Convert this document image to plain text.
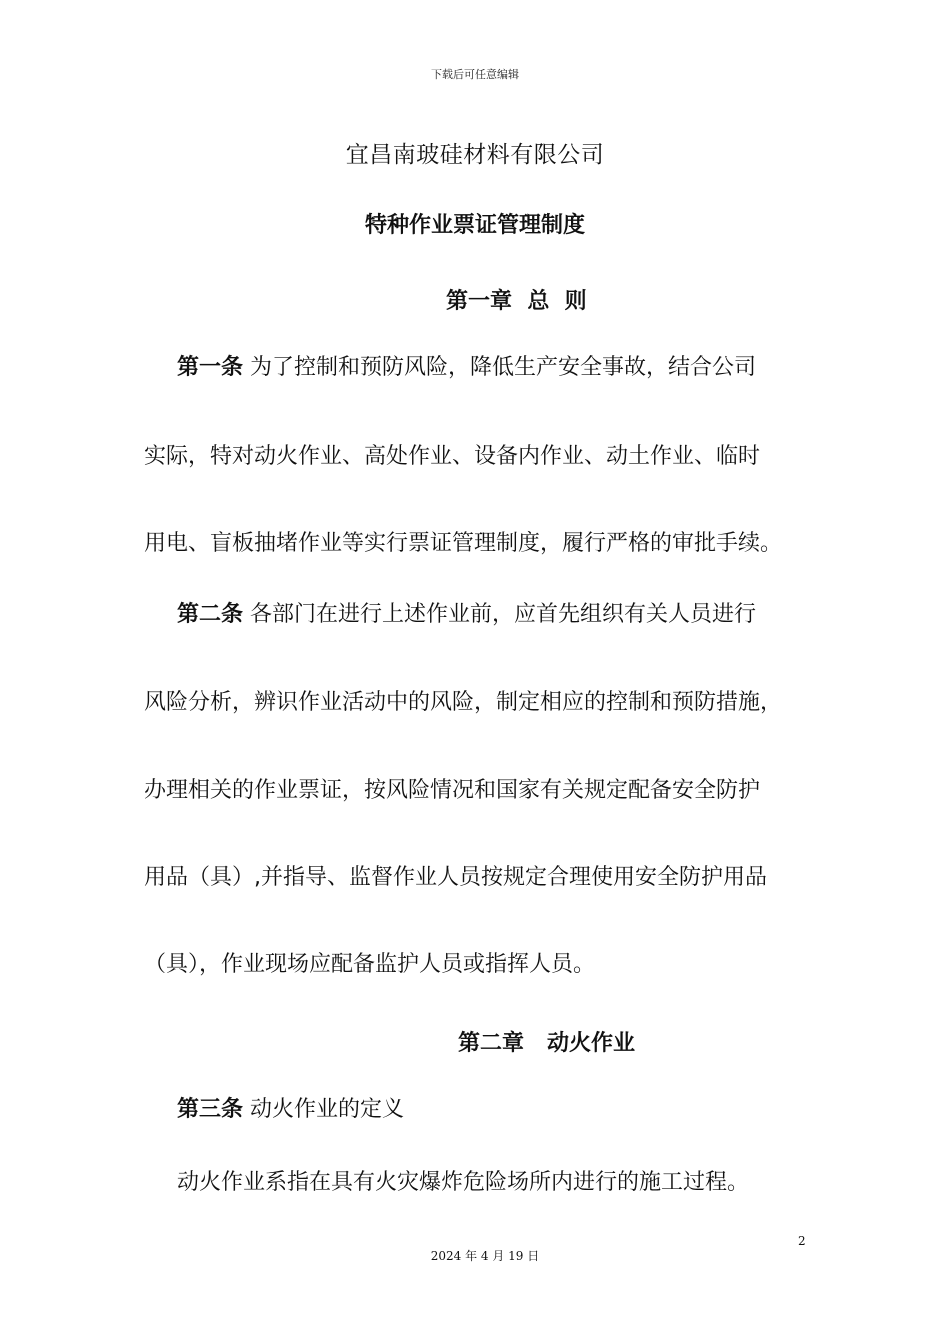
下载后可任意编辑
宜昌南玻硅材料有限公司
特种作业票证管理制度
第一章  总  则
第一条 为了控制和预防风险，降低生产安全事故，结合公司
实际，特对动火作业、高处作业、设备内作业、动土作业、临时
用电、盲板抽堵作业等实行票证管理制度，履行严格的审批手续。
第二条 各部门在进行上述作业前，应首先组织有关人员进行
风险分析，辨识作业活动中的风险，制定相应的控制和预防措施，
办理相关的作业票证，按风险情况和国家有关规定配备安全防护
用品（具）,并指导、监督作业人员按规定合理使用安全防护用品
（具），作业现场应配备监护人员或指挥人员。
第二章   动火作业
第三条 动火作业的定义
动火作业系指在具有火灾爆炸危险场所内进行的施工过程。
2
2024 年 4 月 19 日
